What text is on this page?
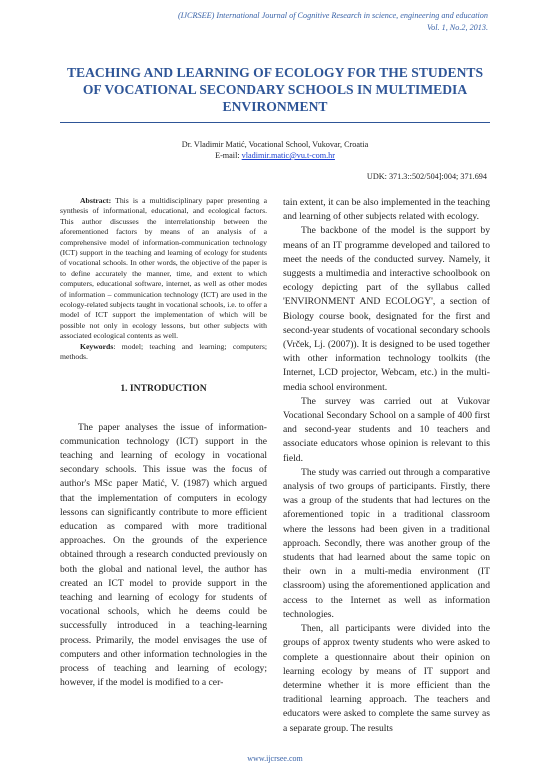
(IJCRSEE) International Journal of Cognitive Research in science, engineering and education
Vol. 1, No.2, 2013.
TEACHING AND LEARNING OF ECOLOGY FOR THE STUDENTS OF VOCATIONAL SECONDARY SCHOOLS IN MULTIMEDIA ENVIRONMENT
Dr. Vladimir Matić, Vocational School, Vukovar, Croatia
E-mail: vladimir.matic@vu.t-com.hr
UDK: 371.3::502/504]:004; 371.694

Abstract: This is a multidisciplinary paper presenting a synthesis of informational, educational, and ecological factors. This author discusses the interrelationship between the aforementioned factors by means of an analysis of a comprehensive model of information-communication technology (ICT) support in the teaching and learning of ecology for students of vocational schools. In other words, the objective of the paper is to define accurately the manner, time, and extent to which computers, educational software, internet, as well as other modes of information – communication technology (ICT) are used in the ecology-related subjects taught in vocational schools, i.e. to offer a model of ICT support the implementation of which will be possible not only in ecology lessons, but other subjects with associated ecological contents as well.

Keywords: model; teaching and learning; computers; methods.

1. INTRODUCTION

The paper analyses the issue of information-communication technology (ICT) support in the teaching and learning of ecology in vocational secondary schools. This issue was the focus of author's MSc paper Matić, V. (1987) which argued that the implementation of computers in ecology lessons can significantly contribute to more efficient education as compared with more traditional approaches. On the grounds of the experience obtained through a research conducted previously on both the global and national level, the author has created an ICT model to provide support in the teaching and learning of ecology for students of vocational schools, which he deems could be successfully introduced in a teaching-learning process. Primarily, the model envisages the use of computers and other information technologies in the process of teaching and learning of ecology; however, if the model is modified to a cer-

tain extent, it can be also implemented in the teaching and learning of other subjects related with ecology.

The backbone of the model is the support by means of an IT programme developed and tailored to meet the needs of the conducted survey. Namely, it suggests a multimedia and interactive schoolbook on ecology depicting part of the syllabus called 'ENVIRONMENT AND ECOLOGY', a section of Biology course book, designated for the first and second-year students of vocational secondary schools (Vrček, Lj. (2007)). It is designed to be used together with other information technology toolkits (the Internet, LCD projector, Webcam, etc.) in the multi-media school environment.

The survey was carried out at Vukovar Vocational Secondary School on a sample of 400 first and second-year students and 10 teachers and associate educators whose opinion is relevant to this field.

The study was carried out through a comparative analysis of two groups of participants. Firstly, there was a group of the students that had lectures on the aforementioned topic in a traditional classroom where the lessons had been given in a traditional approach. Secondly, there was another group of the students that had learned about the same topic on their own in a multi-media environment (IT classroom) using the aforementioned application and access to the Internet as well as information technologies.

Then, all participants were divided into the groups of approx twenty students who were asked to complete a questionnaire about their opinion on learning ecology by means of IT support and determine whether it is more efficient than the traditional learning approach. The teachers and educators were asked to complete the same survey as a separate group. The results

www.ijcrsee.com
